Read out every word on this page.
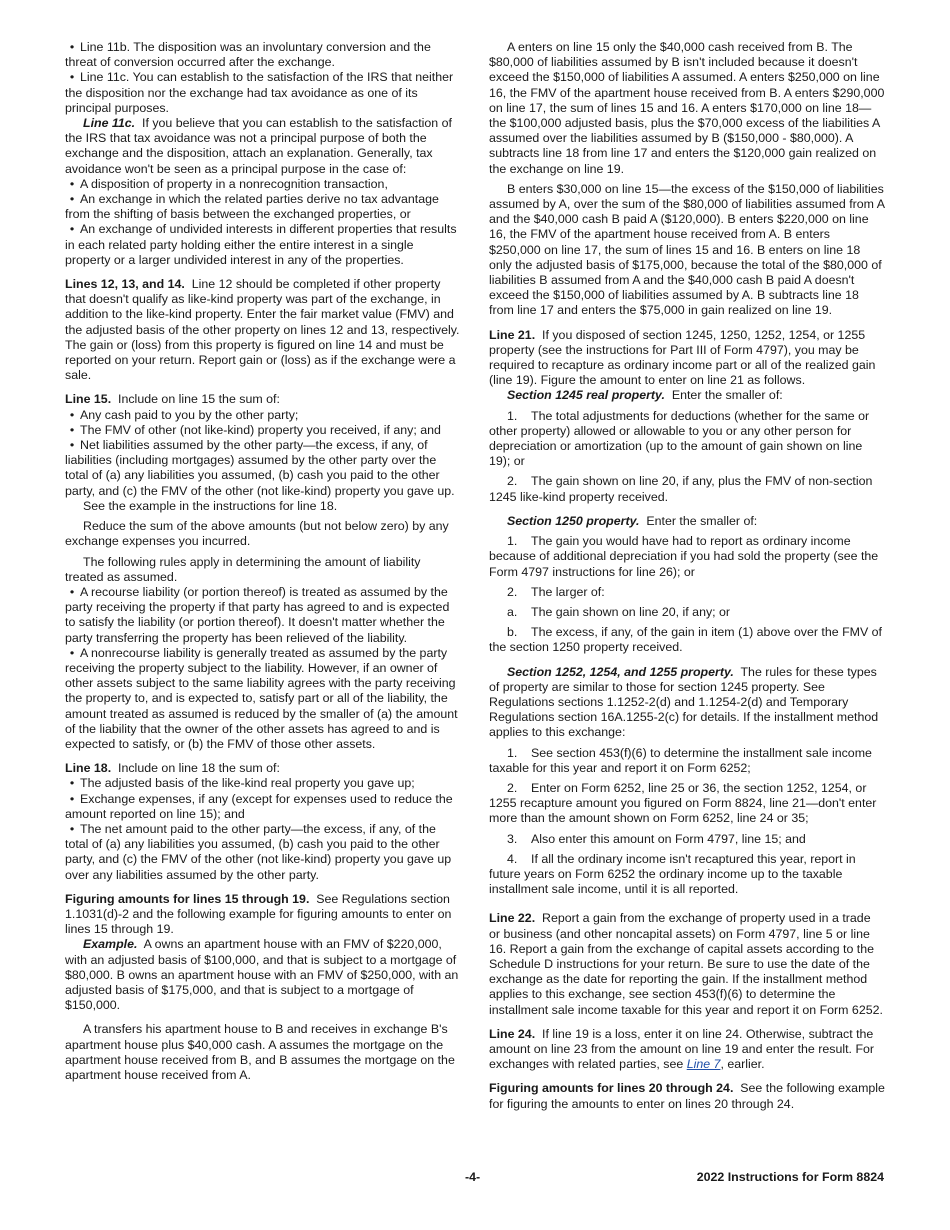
• Line 11b. The disposition was an involuntary conversion and the threat of conversion occurred after the exchange.

• Line 11c. You can establish to the satisfaction of the IRS that neither the disposition nor the exchange had tax avoidance as one of its principal purposes.

Line 11c. If you believe that you can establish to the satisfaction of the IRS that tax avoidance was not a principal purpose of both the exchange and the disposition, attach an explanation. Generally, tax avoidance won't be seen as a principal purpose in the case of:

• A disposition of property in a nonrecognition transaction,

• An exchange in which the related parties derive no tax advantage from the shifting of basis between the exchanged properties, or

• An exchange of undivided interests in different properties that results in each related party holding either the entire interest in a single property or a larger undivided interest in any of the properties.

Lines 12, 13, and 14. Line 12 should be completed if other property that doesn't qualify as like-kind property was part of the exchange, in addition to the like-kind property. Enter the fair market value (FMV) and the adjusted basis of the other property on lines 12 and 13, respectively. The gain or (loss) from this property is figured on line 14 and must be reported on your return. Report gain or (loss) as if the exchange were a sale.

Line 15. Include on line 15 the sum of:

• Any cash paid to you by the other party;

• The FMV of other (not like-kind) property you received, if any; and

• Net liabilities assumed by the other party—the excess, if any, of liabilities (including mortgages) assumed by the other party over the total of (a) any liabilities you assumed, (b) cash you paid to the other party, and (c) the FMV of the other (not like-kind) property you gave up.

See the example in the instructions for line 18.

Reduce the sum of the above amounts (but not below zero) by any exchange expenses you incurred.

The following rules apply in determining the amount of liability treated as assumed.

• A recourse liability (or portion thereof) is treated as assumed by the party receiving the property if that party has agreed to and is expected to satisfy the liability (or portion thereof). It doesn't matter whether the party transferring the property has been relieved of the liability.

• A nonrecourse liability is generally treated as assumed by the party receiving the property subject to the liability. However, if an owner of other assets subject to the same liability agrees with the party receiving the property to, and is expected to, satisfy part or all of the liability, the amount treated as assumed is reduced by the smaller of (a) the amount of the liability that the owner of the other assets has agreed to and is expected to satisfy, or (b) the FMV of those other assets.

Line 18. Include on line 18 the sum of:

• The adjusted basis of the like-kind real property you gave up;

• Exchange expenses, if any (except for expenses used to reduce the amount reported on line 15); and

• The net amount paid to the other party—the excess, if any, of the total of (a) any liabilities you assumed, (b) cash you paid to the other party, and (c) the FMV of the other (not like-kind) property you gave up over any liabilities assumed by the other party.

Figuring amounts for lines 15 through 19. See Regulations section 1.1031(d)-2 and the following example for figuring amounts to enter on lines 15 through 19.

Example. A owns an apartment house with an FMV of $220,000, with an adjusted basis of $100,000, and that is subject to a mortgage of $80,000. B owns an apartment house with an FMV of $250,000, with an adjusted basis of $175,000, and that is subject to a mortgage of $150,000.

A transfers his apartment house to B and receives in exchange B's apartment house plus $40,000 cash. A assumes the mortgage on the apartment house received from B, and B assumes the mortgage on the apartment house received from A.

A enters on line 15 only the $40,000 cash received from B. The $80,000 of liabilities assumed by B isn't included because it doesn't exceed the $150,000 of liabilities A assumed. A enters $250,000 on line 16, the FMV of the apartment house received from B. A enters $290,000 on line 17, the sum of lines 15 and 16. A enters $170,000 on line 18—the $100,000 adjusted basis, plus the $70,000 excess of the liabilities A assumed over the liabilities assumed by B ($150,000 - $80,000). A subtracts line 18 from line 17 and enters the $120,000 gain realized on the exchange on line 19.

B enters $30,000 on line 15—the excess of the $150,000 of liabilities assumed by A, over the sum of the $80,000 of liabilities assumed from A and the $40,000 cash B paid A ($120,000). B enters $220,000 on line 16, the FMV of the apartment house received from A. B enters $250,000 on line 17, the sum of lines 15 and 16. B enters on line 18 only the adjusted basis of $175,000, because the total of the $80,000 of liabilities B assumed from A and the $40,000 cash B paid A doesn't exceed the $150,000 of liabilities assumed by A. B subtracts line 18 from line 17 and enters the $75,000 in gain realized on line 19.

Line 21. If you disposed of section 1245, 1250, 1252, 1254, or 1255 property (see the instructions for Part III of Form 4797), you may be required to recapture as ordinary income part or all of the realized gain (line 19). Figure the amount to enter on line 21 as follows.

Section 1245 real property. Enter the smaller of:

1. The total adjustments for deductions (whether for the same or other property) allowed or allowable to you or any other person for depreciation or amortization (up to the amount of gain shown on line 19); or

2. The gain shown on line 20, if any, plus the FMV of non-section 1245 like-kind property received.

Section 1250 property. Enter the smaller of:

1. The gain you would have had to report as ordinary income because of additional depreciation if you had sold the property (see the Form 4797 instructions for line 26); or

2. The larger of:

a. The gain shown on line 20, if any; or

b. The excess, if any, of the gain in item (1) above over the FMV of the section 1250 property received.

Section 1252, 1254, and 1255 property. The rules for these types of property are similar to those for section 1245 property. See Regulations sections 1.1252-2(d) and 1.1254-2(d) and Temporary Regulations section 16A.1255-2(c) for details. If the installment method applies to this exchange:

1. See section 453(f)(6) to determine the installment sale income taxable for this year and report it on Form 6252;

2. Enter on Form 6252, line 25 or 36, the section 1252, 1254, or 1255 recapture amount you figured on Form 8824, line 21—don't enter more than the amount shown on Form 6252, line 24 or 35;

3. Also enter this amount on Form 4797, line 15; and

4. If all the ordinary income isn't recaptured this year, report in future years on Form 6252 the ordinary income up to the taxable installment sale income, until it is all reported.

Line 22. Report a gain from the exchange of property used in a trade or business (and other noncapital assets) on Form 4797, line 5 or line 16. Report a gain from the exchange of capital assets according to the Schedule D instructions for your return. Be sure to use the date of the exchange as the date for reporting the gain. If the installment method applies to this exchange, see section 453(f)(6) to determine the installment sale income taxable for this year and report it on Form 6252.

Line 24. If line 19 is a loss, enter it on line 24. Otherwise, subtract the amount on line 23 from the amount on line 19 and enter the result. For exchanges with related parties, see Line 7, earlier.

Figuring amounts for lines 20 through 24. See the following example for figuring the amounts to enter on lines 20 through 24.

-4-	2022 Instructions for Form 8824
